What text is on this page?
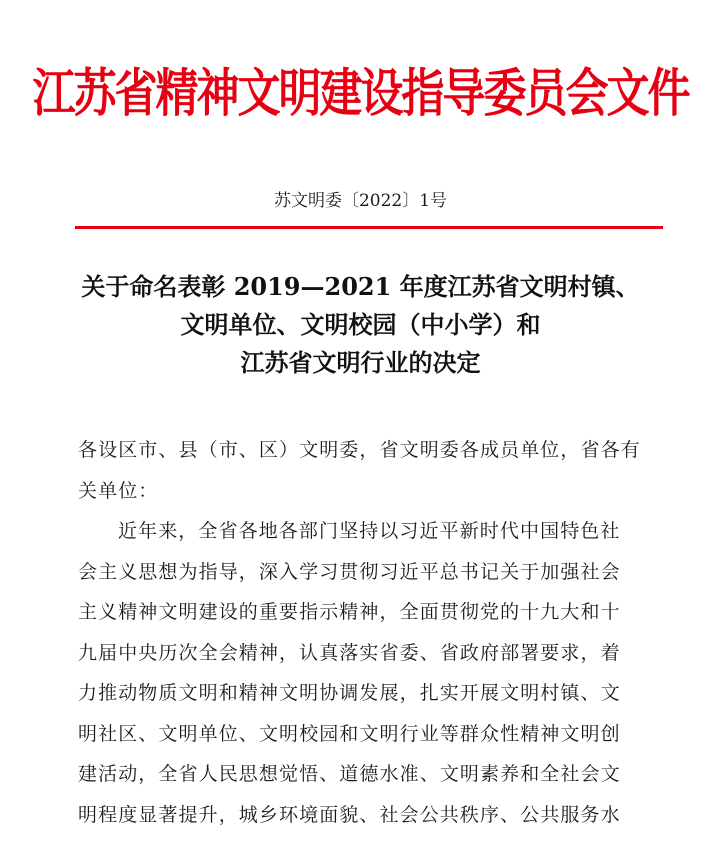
江苏省精神文明建设指导委员会文件
苏文明委〔2022〕1号
关于命名表彰 2019—2021 年度江苏省文明村镇、
文明单位、文明校园（中小学）和
江苏省文明行业的决定
各设区市、县（市、区）文明委，省文明委各成员单位，省各有
关单位：
近年来，全省各地各部门坚持以习近平新时代中国特色社
会主义思想为指导，深入学习贯彻习近平总书记关于加强社会
主义精神文明建设的重要指示精神，全面贯彻党的十九大和十
九届中央历次全会精神，认真落实省委、省政府部署要求，着
力推动物质文明和精神文明协调发展，扎实开展文明村镇、文
明社区、文明单位、文明校园和文明行业等群众性精神文明创
建活动，全省人民思想觉悟、道德水准、文明素养和全社会文
明程度显著提升，城乡环境面貌、社会公共秩序、公共服务水
